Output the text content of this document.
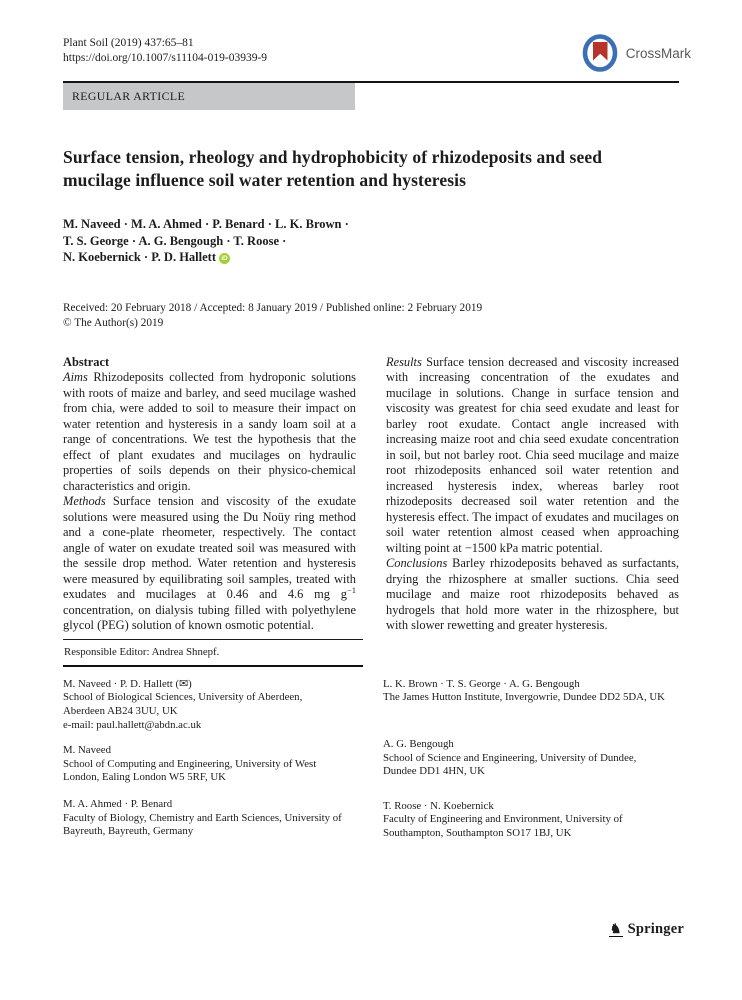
Plant Soil (2019) 437:65–81
https://doi.org/10.1007/s11104-019-03939-9	CrossMark
REGULAR ARTICLE
Surface tension, rheology and hydrophobicity of rhizodeposits and seed mucilage influence soil water retention and hysteresis
M. Naveed · M. A. Ahmed · P. Benard · L. K. Brown ·
T. S. George · A. G. Bengough · T. Roose ·
N. Koebernick · P. D. Hallett iD
Received: 20 February 2018 / Accepted: 8 January 2019 / Published online: 2 February 2019
© The Author(s) 2019

Abstract

Aims Rhizodeposits collected from hydroponic solutions with roots of maize and barley, and seed mucilage washed from chia, were added to soil to measure their impact on water retention and hysteresis in a sandy loam soil at a range of concentrations. We test the hypothesis that the effect of plant exudates and mucilages on hydraulic properties of soils depends on their physico-chemical characteristics and origin.

Methods Surface tension and viscosity of the exudate solutions were measured using the Du Noüy ring method and a cone-plate rheometer, respectively. The contact angle of water on exudate treated soil was measured with the sessile drop method. Water retention and hysteresis were measured by equilibrating soil samples, treated with exudates and mucilages at 0.46 and 4.6 mg $g^{-1}$ concentration, on dialysis tubing filled with polyethylene glycol (PEG) solution of known osmotic potential.

Results Surface tension decreased and viscosity increased with increasing concentration of the exudates and mucilage in solutions. Change in surface tension and viscosity was greatest for chia seed exudate and least for barley root exudate. Contact angle increased with increasing maize root and chia seed exudate concentration in soil, but not barley root. Chia seed mucilage and maize root rhizodeposits enhanced soil water retention and increased hysteresis index, whereas barley root rhizodeposits decreased soil water retention and the hysteresis effect. The impact of exudates and mucilages on soil water retention almost ceased when approaching wilting point at −1500 kPa matric potential.

Conclusions Barley rhizodeposits behaved as surfactants, drying the rhizosphere at smaller suctions. Chia seed mucilage and maize root rhizodeposits behaved as hydrogels that hold more water in the rhizosphere, but with slower rewetting and greater hysteresis.

Responsible Editor: Andrea Shnepf.
M. Naveed · P. D. Hallett (✉)
School of Biological Sciences, University of Aberdeen,
Aberdeen AB24 3UU, UK
e-mail: paul.hallett@abdn.ac.uk
M. Naveed
School of Computing and Engineering, University of West
London, Ealing London W5 5RF, UK
M. A. Ahmed · P. Benard
Faculty of Biology, Chemistry and Earth Sciences, University of
Bayreuth, Bayreuth, Germany
L. K. Brown · T. S. George · A. G. Bengough
The James Hutton Institute, Invergowrie, Dundee DD2 5DA, UK
A. G. Bengough
School of Science and Engineering, University of Dundee,
Dundee DD1 4HN, UK
T. Roose · N. Koebernick
Faculty of Engineering and Environment, University of
Southampton, Southampton SO17 1BJ, UK
♞ Springer
